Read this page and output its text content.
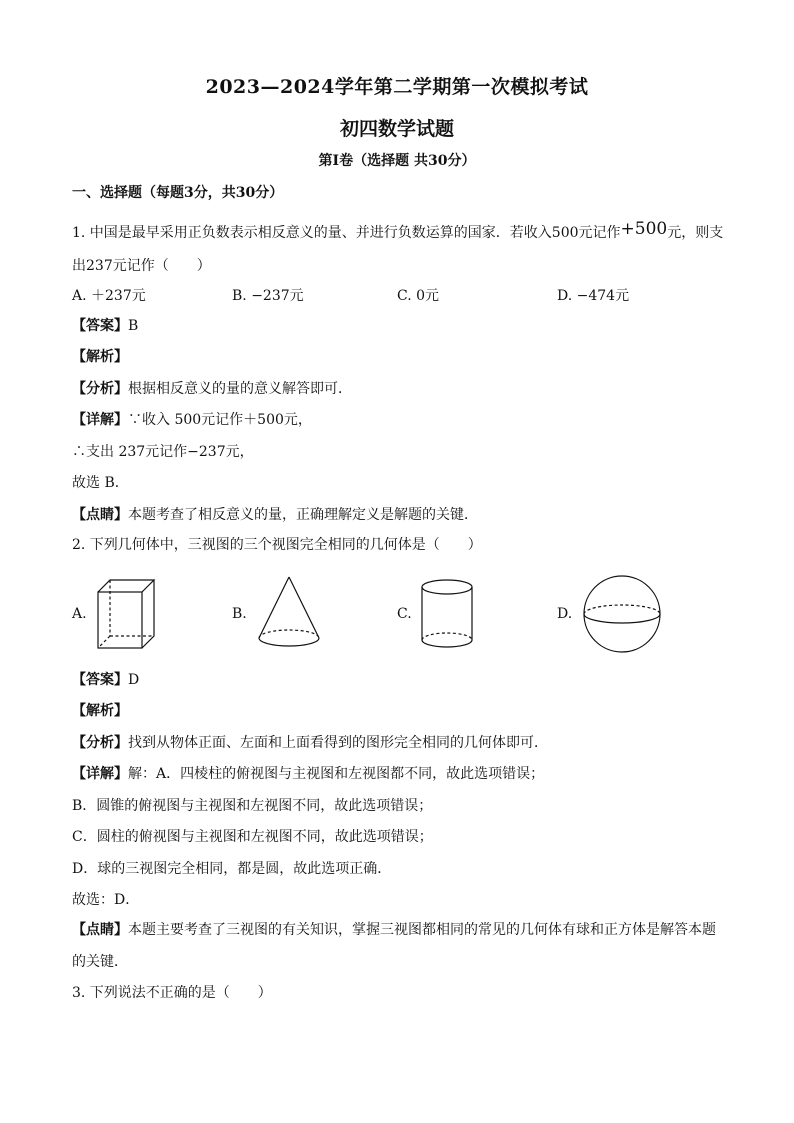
2023—2024学年第二学期第一次模拟考试
初四数学试题
第Ⅰ卷（选择题 共30分）
一、选择题（每题3分，共30分）
1. 中国是最早采用正负数表示相反意义的量、并进行负数运算的国家．若收入500元记作+500元，则支
出237元记作（　　）
A. ＋237元	B. −237元	C. 0元	D. −474元
【答案】B
【解析】
【分析】根据相反意义的量的意义解答即可．
【详解】∵收入 500元记作＋500元，
∴支出 237元记作−237元，
故选 B．
【点睛】本题考查了相反意义的量，正确理解定义是解题的关键．
2. 下列几何体中，三视图的三个视图完全相同的几何体是（　　）
A.	B.	C.	D.
【答案】D
【解析】
【分析】找到从物体正面、左面和上面看得到的图形完全相同的几何体即可．
【详解】解：A．四棱柱的俯视图与主视图和左视图都不同，故此选项错误；
B．圆锥的俯视图与主视图和左视图不同，故此选项错误；
C．圆柱的俯视图与主视图和左视图不同，故此选项错误；
D．球的三视图完全相同，都是圆，故此选项正确．
故选：D．
【点睛】本题主要考查了三视图的有关知识，掌握三视图都相同的常见的几何体有球和正方体是解答本题
的关键．
3. 下列说法不正确的是（　　）
